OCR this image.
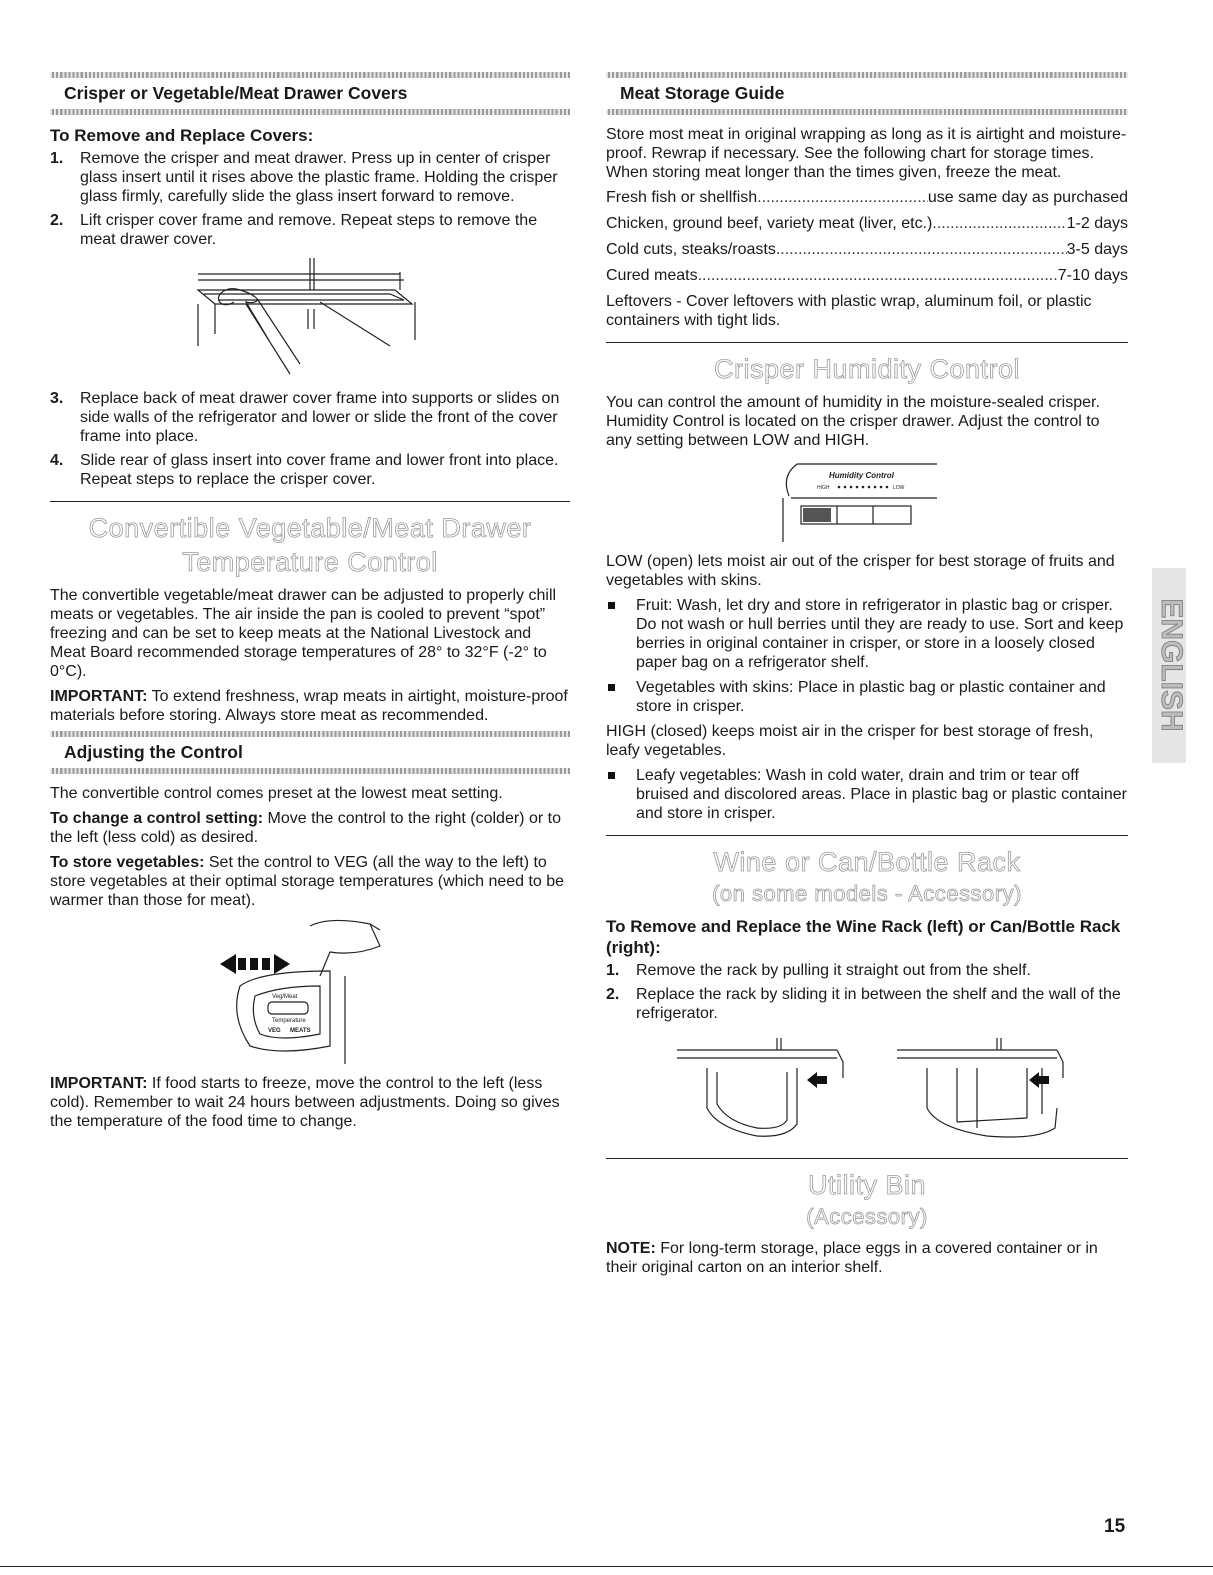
Crisper or Vegetable/Meat Drawer Covers
To Remove and Replace Covers:
1. Remove the crisper and meat drawer. Press up in center of crisper glass insert until it rises above the plastic frame. Holding the crisper glass firmly, carefully slide the glass insert forward to remove.
2. Lift crisper cover frame and remove. Repeat steps to remove the meat drawer cover.
3. Replace back of meat drawer cover frame into supports or slides on side walls of the refrigerator and lower or slide the front of the cover frame into place.
4. Slide rear of glass insert into cover frame and lower front into place. Repeat steps to replace the crisper cover.
Convertible Vegetable/Meat Drawer
Temperature Control

The convertible vegetable/meat drawer can be adjusted to properly chill meats or vegetables. The air inside the pan is cooled to prevent “spot” freezing and can be set to keep meats at the National Livestock and Meat Board recommended storage temperatures of 28° to 32°F (-2° to 0°C).

IMPORTANT: To extend freshness, wrap meats in airtight, moisture-proof materials before storing. Always store meat as recommended.

Adjusting the Control

The convertible control comes preset at the lowest meat setting.

To change a control setting: Move the control to the right (colder) or to the left (less cold) as desired.

To store vegetables: Set the control to VEG (all the way to the left) to store vegetables at their optimal storage temperatures (which need to be warmer than those for meat).

Veg/Meat
Temperature
VEG MEATS

IMPORTANT: If food starts to freeze, move the control to the left (less cold). Remember to wait 24 hours between adjustments. Doing so gives the temperature of the food time to change.

Meat Storage Guide

Store most meat in original wrapping as long as it is airtight and moisture-proof. Rewrap if necessary. See the following chart for storage times. When storing meat longer than the times given, freeze the meat.

Fresh fish or shellfish .....	use same day as purchased
Chicken, ground beef, variety meat (liver, etc.) .....	1-2 days
Cold cuts, steaks/roasts .....	3-5 days
Cured meats .....	7-10 days

Leftovers - Cover leftovers with plastic wrap, aluminum foil, or plastic containers with tight lids.

Crisper Humidity Control

You can control the amount of humidity in the moisture-sealed crisper. Humidity Control is located on the crisper drawer. Adjust the control to any setting between LOW and HIGH.

Humidity Control
HIGH	LOW

LOW (open) lets moist air out of the crisper for best storage of fruits and vegetables with skins.

Fruit: Wash, let dry and store in refrigerator in plastic bag or crisper. Do not wash or hull berries until they are ready to use. Sort and keep berries in original container in crisper, or store in a loosely closed paper bag on a refrigerator shelf.
Vegetables with skins: Place in plastic bag or plastic container and store in crisper.

HIGH (closed) keeps moist air in the crisper for best storage of fresh, leafy vegetables.

Leafy vegetables: Wash in cold water, drain and trim or tear off bruised and discolored areas. Place in plastic bag or plastic container and store in crisper.
Wine or Can/Bottle Rack
(on some models - Accessory)
To Remove and Replace the Wine Rack (left) or Can/Bottle Rack (right):
1. Remove the rack by pulling it straight out from the shelf.
2. Replace the rack by sliding it in between the shelf and the wall of the refrigerator.
Utility Bin
(Accessory)

NOTE: For long-term storage, place eggs in a covered container or in their original carton on an interior shelf.

ENGLISH
15
